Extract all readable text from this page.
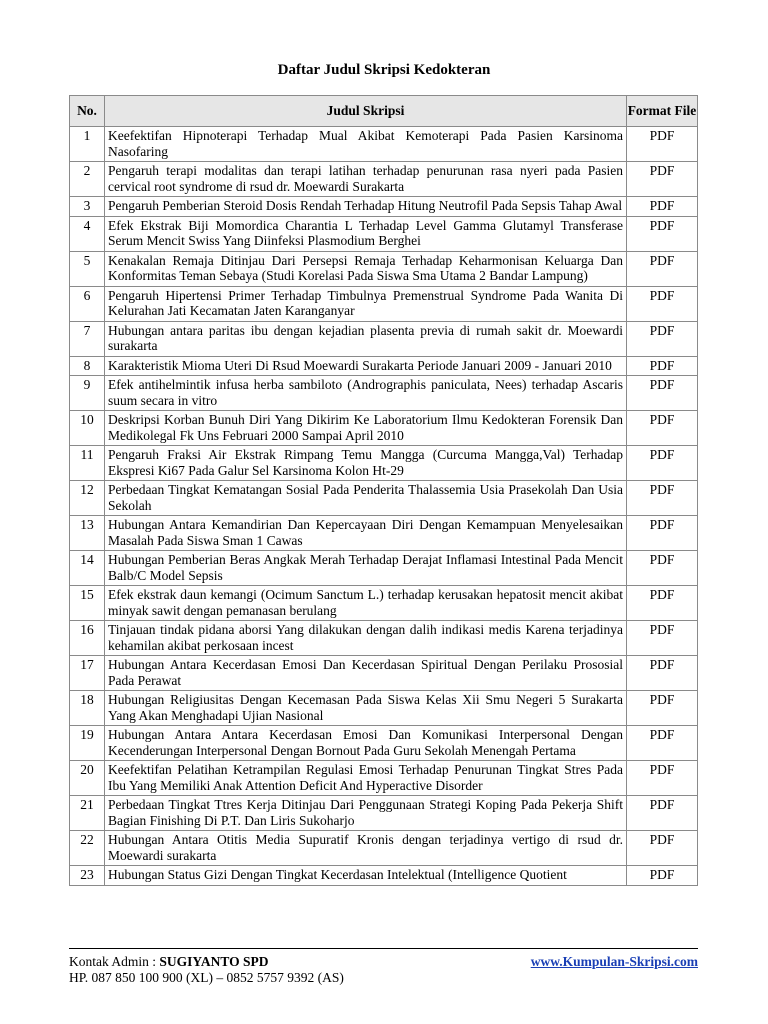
Daftar Judul Skripsi Kedokteran
No.	Judul Skripsi	Format File
1	Keefektifan Hipnoterapi Terhadap Mual Akibat Kemoterapi Pada Pasien Karsinoma Nasofaring	PDF
2	Pengaruh terapi modalitas dan terapi latihan terhadap penurunan rasa nyeri pada Pasien cervical root syndrome di rsud dr. Moewardi Surakarta	PDF
3	Pengaruh Pemberian Steroid Dosis Rendah Terhadap Hitung Neutrofil Pada Sepsis Tahap Awal	PDF
4	Efek Ekstrak Biji Momordica Charantia L Terhadap Level Gamma Glutamyl Transferase Serum Mencit Swiss Yang Diinfeksi Plasmodium Berghei	PDF
5	Kenakalan Remaja Ditinjau Dari Persepsi Remaja Terhadap Keharmonisan Keluarga Dan Konformitas Teman Sebaya (Studi Korelasi Pada Siswa Sma Utama 2 Bandar Lampung)	PDF
6	Pengaruh Hipertensi Primer Terhadap Timbulnya Premenstrual Syndrome Pada Wanita Di Kelurahan Jati Kecamatan Jaten Karanganyar	PDF
7	Hubungan antara paritas ibu dengan kejadian plasenta previa di rumah sakit dr. Moewardi surakarta	PDF
8	Karakteristik Mioma Uteri Di Rsud Moewardi Surakarta Periode Januari 2009 - Januari 2010	PDF
9	Efek antihelmintik infusa herba sambiloto (Andrographis paniculata, Nees) terhadap Ascaris suum secara in vitro	PDF
10	Deskripsi Korban Bunuh Diri Yang Dikirim Ke Laboratorium Ilmu Kedokteran Forensik Dan Medikolegal Fk Uns Februari 2000 Sampai April 2010	PDF
11	Pengaruh Fraksi Air Ekstrak Rimpang Temu Mangga (Curcuma Mangga,Val) Terhadap Ekspresi Ki67 Pada Galur Sel Karsinoma Kolon Ht-29	PDF
12	Perbedaan Tingkat Kematangan Sosial Pada Penderita Thalassemia Usia Prasekolah Dan Usia Sekolah	PDF
13	Hubungan Antara Kemandirian Dan Kepercayaan Diri Dengan Kemampuan Menyelesaikan Masalah Pada Siswa Sman 1 Cawas	PDF
14	Hubungan Pemberian Beras Angkak Merah Terhadap Derajat Inflamasi Intestinal Pada Mencit Balb/C Model Sepsis	PDF
15	Efek ekstrak daun kemangi (Ocimum Sanctum L.) terhadap kerusakan hepatosit mencit akibat minyak sawit dengan pemanasan berulang	PDF
16	Tinjauan tindak pidana aborsi Yang dilakukan dengan dalih indikasi medis Karena terjadinya kehamilan akibat perkosaan incest	PDF
17	Hubungan Antara Kecerdasan Emosi Dan Kecerdasan Spiritual Dengan Perilaku Prososial Pada Perawat	PDF
18	Hubungan Religiusitas Dengan Kecemasan Pada Siswa Kelas Xii Smu Negeri 5 Surakarta Yang Akan Menghadapi Ujian Nasional	PDF
19	Hubungan Antara Antara Kecerdasan Emosi Dan Komunikasi Interpersonal Dengan Kecenderungan Interpersonal Dengan Bornout Pada Guru Sekolah Menengah Pertama	PDF
20	Keefektifan Pelatihan Ketrampilan Regulasi Emosi Terhadap Penurunan Tingkat Stres Pada Ibu Yang Memiliki Anak Attention Deficit And Hyperactive Disorder	PDF
21	Perbedaan Tingkat Ttres Kerja Ditinjau Dari Penggunaan Strategi Koping Pada Pekerja Shift Bagian Finishing Di P.T. Dan Liris Sukoharjo	PDF
22	Hubungan Antara Otitis Media Supuratif Kronis dengan terjadinya vertigo di rsud dr. Moewardi surakarta	PDF
23	Hubungan Status Gizi Dengan Tingkat Kecerdasan Intelektual (Intelligence Quotient	PDF
Kontak Admin : SUGIYANTO SPD
HP. 087 850 100 900 (XL) – 0852 5757 9392 (AS)
www.Kumpulan-Skripsi.com
